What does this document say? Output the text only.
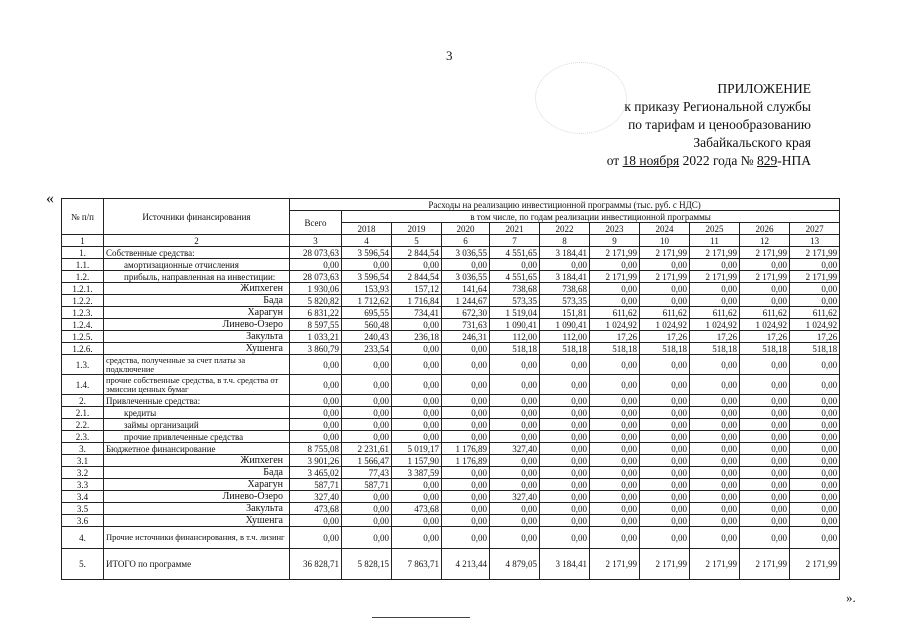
3
ПРИЛОЖЕНИЕ
к приказу Региональной службы
по тарифам и ценообразованию
Забайкальского края
от 18 ноября 2022 года № 829-НПА
«
№ п/п	Источники финансирования	Расходы на реализацию инвестиционной программы (тыс. руб. с НДС)										
		Всего	в том числе, по годам реализации инвестиционной программы									
			2018	2019	2020	2021	2022	2023	2024	2025	2026	2027
1	2	3	4	5	6	7	8	9	10	11	12	13
1.	Собственные средства:	28 073,63	3 596,54	2 844,54	3 036,55	4 551,65	3 184,41	2 171,99	2 171,99	2 171,99	2 171,99	2 171,99
1.1.	амортизационные отчисления	0,00	0,00	0,00	0,00	0,00	0,00	0,00	0,00	0,00	0,00	0,00
1.2.	прибыль, направленная на инвестиции:	28 073,63	3 596,54	2 844,54	3 036,55	4 551,65	3 184,41	2 171,99	2 171,99	2 171,99	2 171,99	2 171,99
1.2.1.	Жипхеген	1 930,06	153,93	157,12	141,64	738,68	738,68	0,00	0,00	0,00	0,00	0,00
1.2.2.	Бада	5 820,82	1 712,62	1 716,84	1 244,67	573,35	573,35	0,00	0,00	0,00	0,00	0,00
1.2.3.	Харагун	6 831,22	695,55	734,41	672,30	1 519,04	151,81	611,62	611,62	611,62	611,62	611,62
1.2.4.	Линево-Озеро	8 597,55	560,48	0,00	731,63	1 090,41	1 090,41	1 024,92	1 024,92	1 024,92	1 024,92	1 024,92
1.2.5.	Закульта	1 033,21	240,43	236,18	246,31	112,00	112,00	17,26	17,26	17,26	17,26	17,26
1.2.6.	Хушенга	3 860,79	233,54	0,00	0,00	518,18	518,18	518,18	518,18	518,18	518,18	518,18
1.3.	средства, полученные за счет платы за подключение	0,00	0,00	0,00	0,00	0,00	0,00	0,00	0,00	0,00	0,00	0,00
1.4.	прочие собственные средства, в т.ч. средства от эмиссии ценных бумаг	0,00	0,00	0,00	0,00	0,00	0,00	0,00	0,00	0,00	0,00	0,00
2.	Привлеченные средства:	0,00	0,00	0,00	0,00	0,00	0,00	0,00	0,00	0,00	0,00	0,00
2.1.	кредиты	0,00	0,00	0,00	0,00	0,00	0,00	0,00	0,00	0,00	0,00	0,00
2.2.	займы организаций	0,00	0,00	0,00	0,00	0,00	0,00	0,00	0,00	0,00	0,00	0,00
2.3.	прочие привлеченные средства	0,00	0,00	0,00	0,00	0,00	0,00	0,00	0,00	0,00	0,00	0,00
3.	Бюджетное финансирование	8 755,08	2 231,61	5 019,17	1 176,89	327,40	0,00	0,00	0,00	0,00	0,00	0,00
3.1	Жипхеген	3 901,26	1 566,47	1 157,90	1 176,89	0,00	0,00	0,00	0,00	0,00	0,00	0,00
3.2	Бада	3 465,02	77,43	3 387,59	0,00	0,00	0,00	0,00	0,00	0,00	0,00	0,00
3.3	Харагун	587,71	587,71	0,00	0,00	0,00	0,00	0,00	0,00	0,00	0,00	0,00
3.4	Линево-Озеро	327,40	0,00	0,00	0,00	327,40	0,00	0,00	0,00	0,00	0,00	0,00
3.5	Закульта	473,68	0,00	473,68	0,00	0,00	0,00	0,00	0,00	0,00	0,00	0,00
3.6	Хушенга	0,00	0,00	0,00	0,00	0,00	0,00	0,00	0,00	0,00	0,00	0,00
4.	Прочие источники финансирования, в т.ч. лизинг	0,00	0,00	0,00	0,00	0,00	0,00	0,00	0,00	0,00	0,00	0,00
5.	ИТОГО по программе	36 828,71	5 828,15	7 863,71	4 213,44	4 879,05	3 184,41	2 171,99	2 171,99	2 171,99	2 171,99	2 171,99
».
